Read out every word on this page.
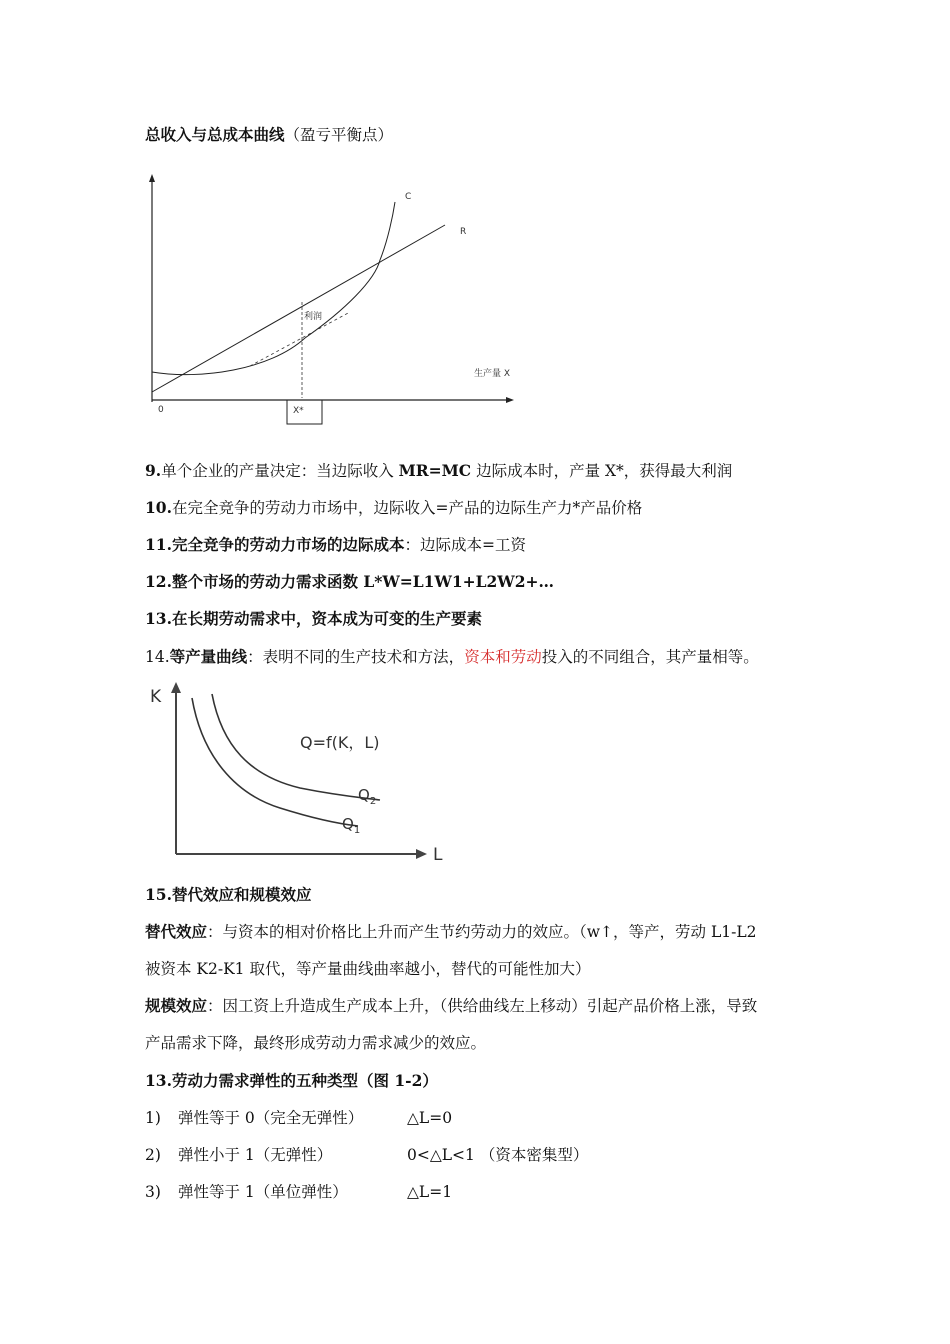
总收入与总成本曲线（盈亏平衡点）
C
R
利润
生产量 X
0	X*
9.单个企业的产量决定：当边际收入 MR=MC 边际成本时，产量 X*，获得最大利润
10.在完全竞争的劳动力市场中，边际收入=产品的边际生产力*产品价格
11.完全竞争的劳动力市场的边际成本：边际成本=工资
12.整个市场的劳动力需求函数 L*W=L1W1+L2W2+…
13.在长期劳动需求中，资本成为可变的生产要素
14.等产量曲线：表明不同的生产技术和方法，资本和劳动投入的不同组合，其产量相等。
K
L
Q=f(K，L)
$Q_2$
$Q_1$
15.替代效应和规模效应
替代效应：与资本的相对价格比上升而产生节约劳动力的效应。（w↑，等产，劳动 L1-L2
被资本 K2-K1 取代，等产量曲线曲率越小，替代的可能性加大）
规模效应：因工资上升造成生产成本上升，（供给曲线左上移动）引起产品价格上涨，导致
产品需求下降，最终形成劳动力需求减少的效应。
13.劳动力需求弹性的五种类型（图 1-2）
1) 弹性等于 0（完全无弹性）	△L=0
2) 弹性小于 1（无弹性）	0<△L<1 （资本密集型）
3) 弹性等于 1（单位弹性）	△L=1
